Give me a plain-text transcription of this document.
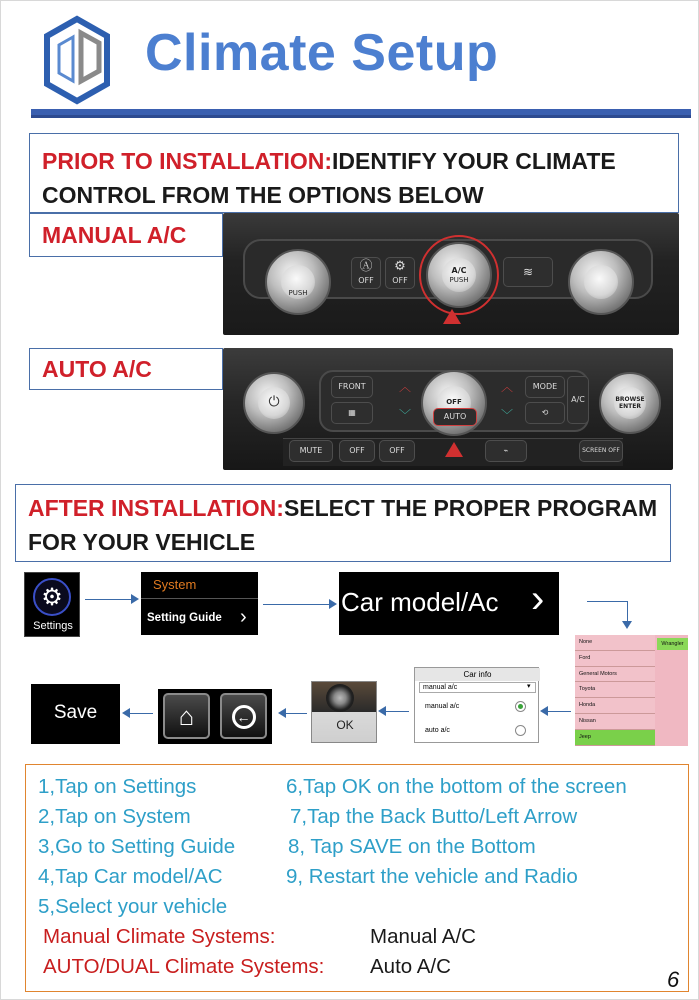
Climate Setup
PRIOR TO INSTALLATION:IDENTIFY YOUR CLIMATE
CONTROL FROM THE OPTIONS BELOW
MANUAL A/C
PUSH
Ⓐ
OFF
⚙
OFF
A/C
PUSH
≋
AUTO A/C
⏻
FRONT
▦
︿
﹀
OFF
AUTO
︿
﹀
MODE
⟲
A/C	BROWSE ENTER
MUTE	OFF	OFF	⌁	SCREEN OFF
AFTER INSTALLATION:SELECT THE PROPER PROGRAM
FOR YOUR VEHICLE
⚙
Settings
System
Setting Guide ›	Car model/Ac ›
None
Ford
General Motors
Toyota
Honda
Nissan
Jeep
Wrangler
Car info
manual a/c	▾
manual a/c
auto a/c
OK
⌂	←
Save
1,Tap on Settings
2,Tap on System
3,Go to Setting Guide
4,Tap Car model/AC
5,Select your vehicle
6,Tap OK on the bottom of the screen
7,Tap the Back Butto/Left Arrow
8, Tap SAVE on the Bottom
9, Restart the vehicle and Radio
Manual Climate Systems:	Manual A/C
AUTO/DUAL Climate Systems: Auto A/C
6
